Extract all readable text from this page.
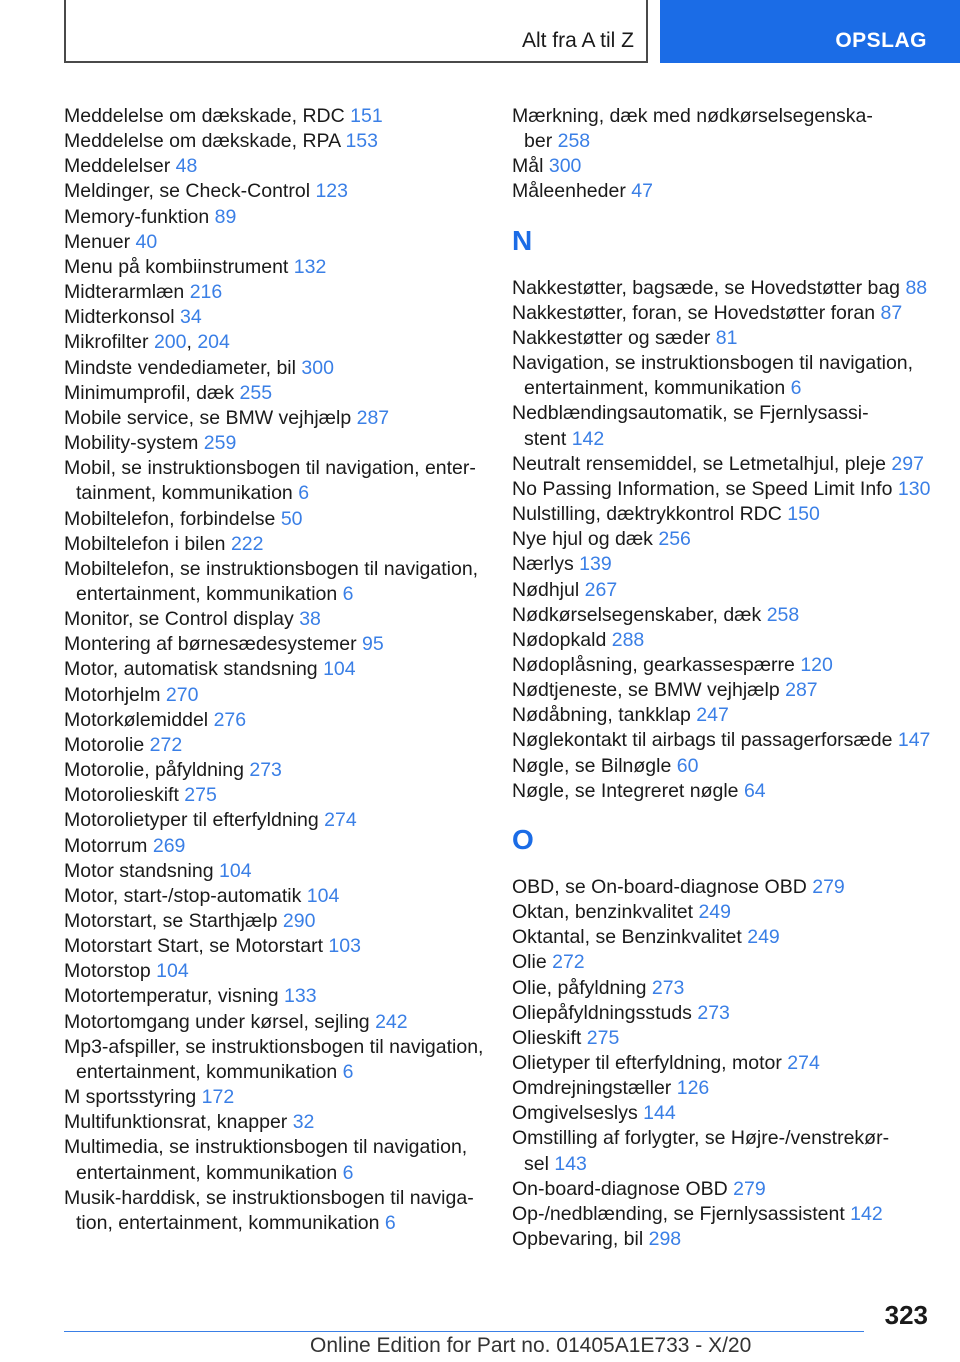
Alt fra A til Z	OPSLAG
Meddelelse om dækskade, RDC 151
Meddelelse om dækskade, RPA 153
Meddelelser 48
Meldinger, se Check-Control 123
Memory-funktion 89
Menuer 40
Menu på kombiinstrument 132
Midterarmlæn 216
Midterkonsol 34
Mikrofilter 200, 204
Mindste vendediameter, bil 300
Minimumprofil, dæk 255
Mobile service, se BMW vejhjælp 287
Mobility-system 259
Mobil, se instruktionsbogen til navigation, enter-
tainment, kommunikation 6
Mobiltelefon, forbindelse 50
Mobiltelefon i bilen 222
Mobiltelefon, se instruktionsbogen til navigation,
entertainment, kommunikation 6
Monitor, se Control display 38
Montering af børnesædesystemer 95
Motor, automatisk standsning 104
Motorhjelm 270
Motorkølemiddel 276
Motorolie 272
Motorolie, påfyldning 273
Motorolieskift 275
Motorolietyper til efterfyldning 274
Motorrum 269
Motor standsning 104
Motor, start-/stop-automatik 104
Motorstart, se Starthjælp 290
Motorstart Start, se Motorstart 103
Motorstop 104
Motortemperatur, visning 133
Motortomgang under kørsel, sejling 242
Mp3-afspiller, se instruktionsbogen til navigation,
entertainment, kommunikation 6
M sportsstyring 172
Multifunktionsrat, knapper 32
Multimedia, se instruktionsbogen til navigation,
entertainment, kommunikation 6
Musik-harddisk, se instruktionsbogen til naviga-
tion, entertainment, kommunikation 6
Mærkning, dæk med nødkørselsegenska-
ber 258
Mål 300
Måleenheder 47
N
Nakkestøtter, bagsæde, se Hovedstøtter bag 88
Nakkestøtter, foran, se Hovedstøtter foran 87
Nakkestøtter og sæder 81
Navigation, se instruktionsbogen til navigation,
entertainment, kommunikation 6
Nedblændingsautomatik, se Fjernlysassi-
stent 142
Neutralt rensemiddel, se Letmetalhjul, pleje 297
No Passing Information, se Speed Limit Info 130
Nulstilling, dæktrykkontrol RDC 150
Nye hjul og dæk 256
Nærlys 139
Nødhjul 267
Nødkørselsegenskaber, dæk 258
Nødopkald 288
Nødoplåsning, gearkassespærre 120
Nødtjeneste, se BMW vejhjælp 287
Nødåbning, tankklap 247
Nøglekontakt til airbags til passagerforsæde 147
Nøgle, se Bilnøgle 60
Nøgle, se Integreret nøgle 64
O
OBD, se On-board-diagnose OBD 279
Oktan, benzinkvalitet 249
Oktantal, se Benzinkvalitet 249
Olie 272
Olie, påfyldning 273
Oliepåfyldningsstuds 273
Olieskift 275
Olietyper til efterfyldning, motor 274
Omdrejningstæller 126
Omgivelseslys 144
Omstilling af forlygter, se Højre-/venstrekør-
sel 143
On-board-diagnose OBD 279
Op-/nedblænding, se Fjernlysassistent 142
Opbevaring, bil 298
323
Online Edition for Part no. 01405A1E733 - X/20
